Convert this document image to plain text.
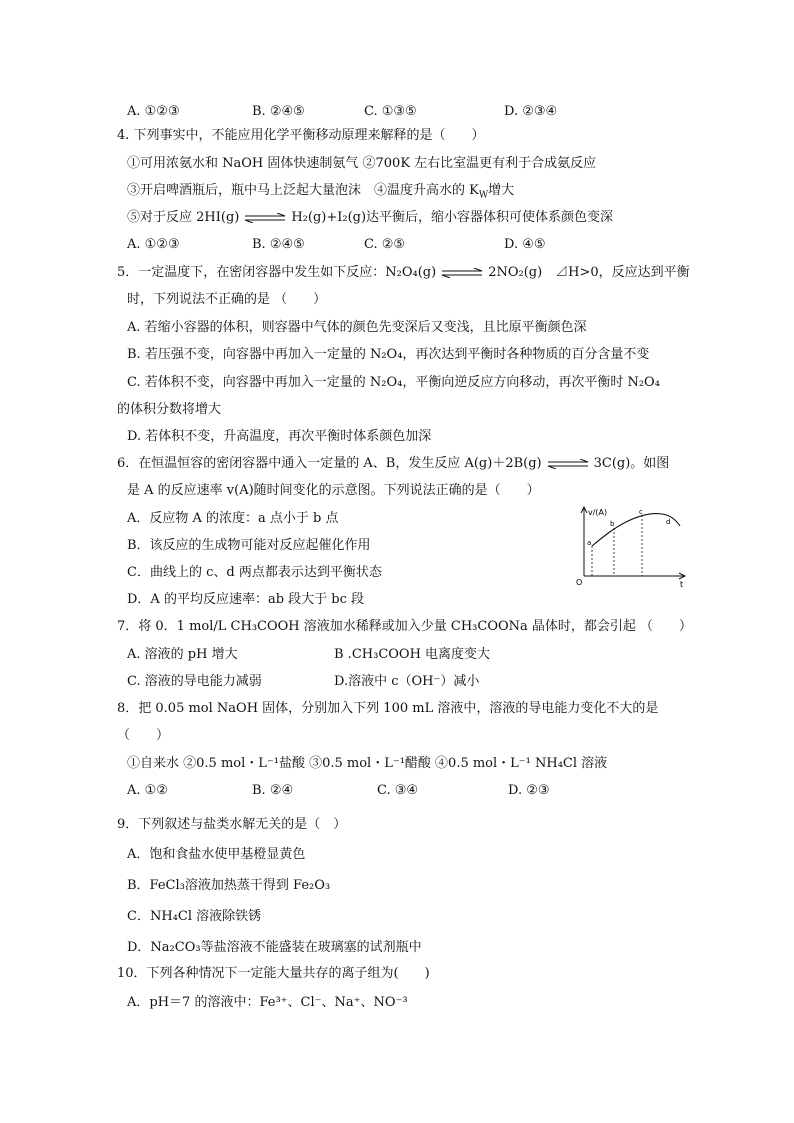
A. ①②③	B. ②④⑤	C. ①③⑤	D. ②③④
4. 下列事实中，不能应用化学平衡移动原理来解释的是（　　）
①可用浓氨水和 NaOH 固体快速制氨气 ②700K 左右比室温更有利于合成氨反应
③开启啤酒瓶后，瓶中马上泛起大量泡沫　④温度升高水的 $K_W$增大
⑤对于反应 2HI(g) ⇌ H₂(g)+I₂(g)达平衡后，缩小容器体积可使体系颜色变深
A. ①②③	B. ②④⑤	C. ②⑤	D. ④⑤
5．一定温度下，在密闭容器中发生如下反应：N₂O₄(g) ⇌ 2NO₂(g)　⊿H>0，反应达到平衡
时，下列说法不正确的是 （　　）
A. 若缩小容器的体积，则容器中气体的颜色先变深后又变浅，且比原平衡颜色深
B. 若压强不变，向容器中再加入一定量的 N₂O₄，再次达到平衡时各种物质的百分含量不变
C. 若体积不变，向容器中再加入一定量的 N₂O₄，平衡向逆反应方向移动，再次平衡时 N₂O₄
的体积分数将增大
D. 若体积不变，升高温度，再次平衡时体系颜色加深
6．在恒温恒容的密闭容器中通入一定量的 A、B，发生反应 A(g)＋2B(g) ⇌ 3C(g)。如图
是 A 的反应速率 v(A)随时间变化的示意图。下列说法正确的是（　　）
A．反应物 A 的浓度：a 点小于 b 点
B．该反应的生成物可能对反应起催化作用
C．曲线上的 c、d 两点都表示达到平衡状态
D．A 的平均反应速率：ab 段大于 bc 段
v/(A)
O	t
a
b
c
d
7．将 0．1 mol/L CH₃COOH 溶液加水稀释或加入少量 CH₃COONa 晶体时，都会引起 （　　）
A. 溶液的 pH 增大	B .CH₃COOH 电离度变大
C. 溶液的导电能力减弱	D.溶液中 c（OH⁻）减小
8．把 0.05 mol NaOH 固体，分别加入下列 100 mL 溶液中，溶液的导电能力变化不大的是
（　　）
①自来水 ②0.5 mol・L⁻¹盐酸 ③0.5 mol・L⁻¹醋酸 ④0.5 mol・L⁻¹ NH₄Cl 溶液
A. ①②	B. ②④	C. ③④	D. ②③
9．下列叙述与盐类水解无关的是（　）
A．饱和食盐水使甲基橙显黄色
B．FeCl₃溶液加热蒸干得到 Fe₂O₃
C．NH₄Cl 溶液除铁锈
D．Na₂CO₃等盐溶液不能盛装在玻璃塞的试剂瓶中
10．下列各种情况下一定能大量共存的离子组为(　　)
A．pH＝7 的溶液中：Fe³⁺、Cl⁻、Na⁺、NO⁻³
